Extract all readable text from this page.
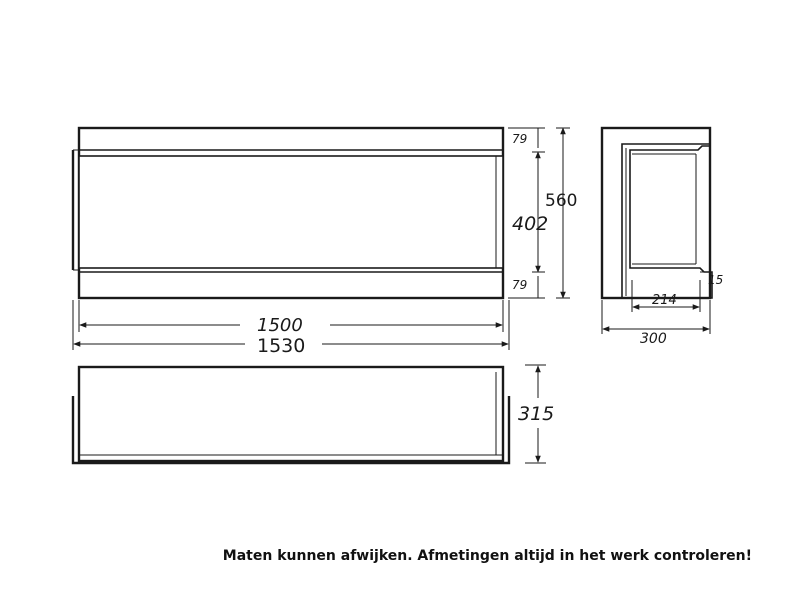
79
79
402
560
1500
1530
15
214
300
315
Maten kunnen afwijken. Afmetingen altijd in het werk controleren!
